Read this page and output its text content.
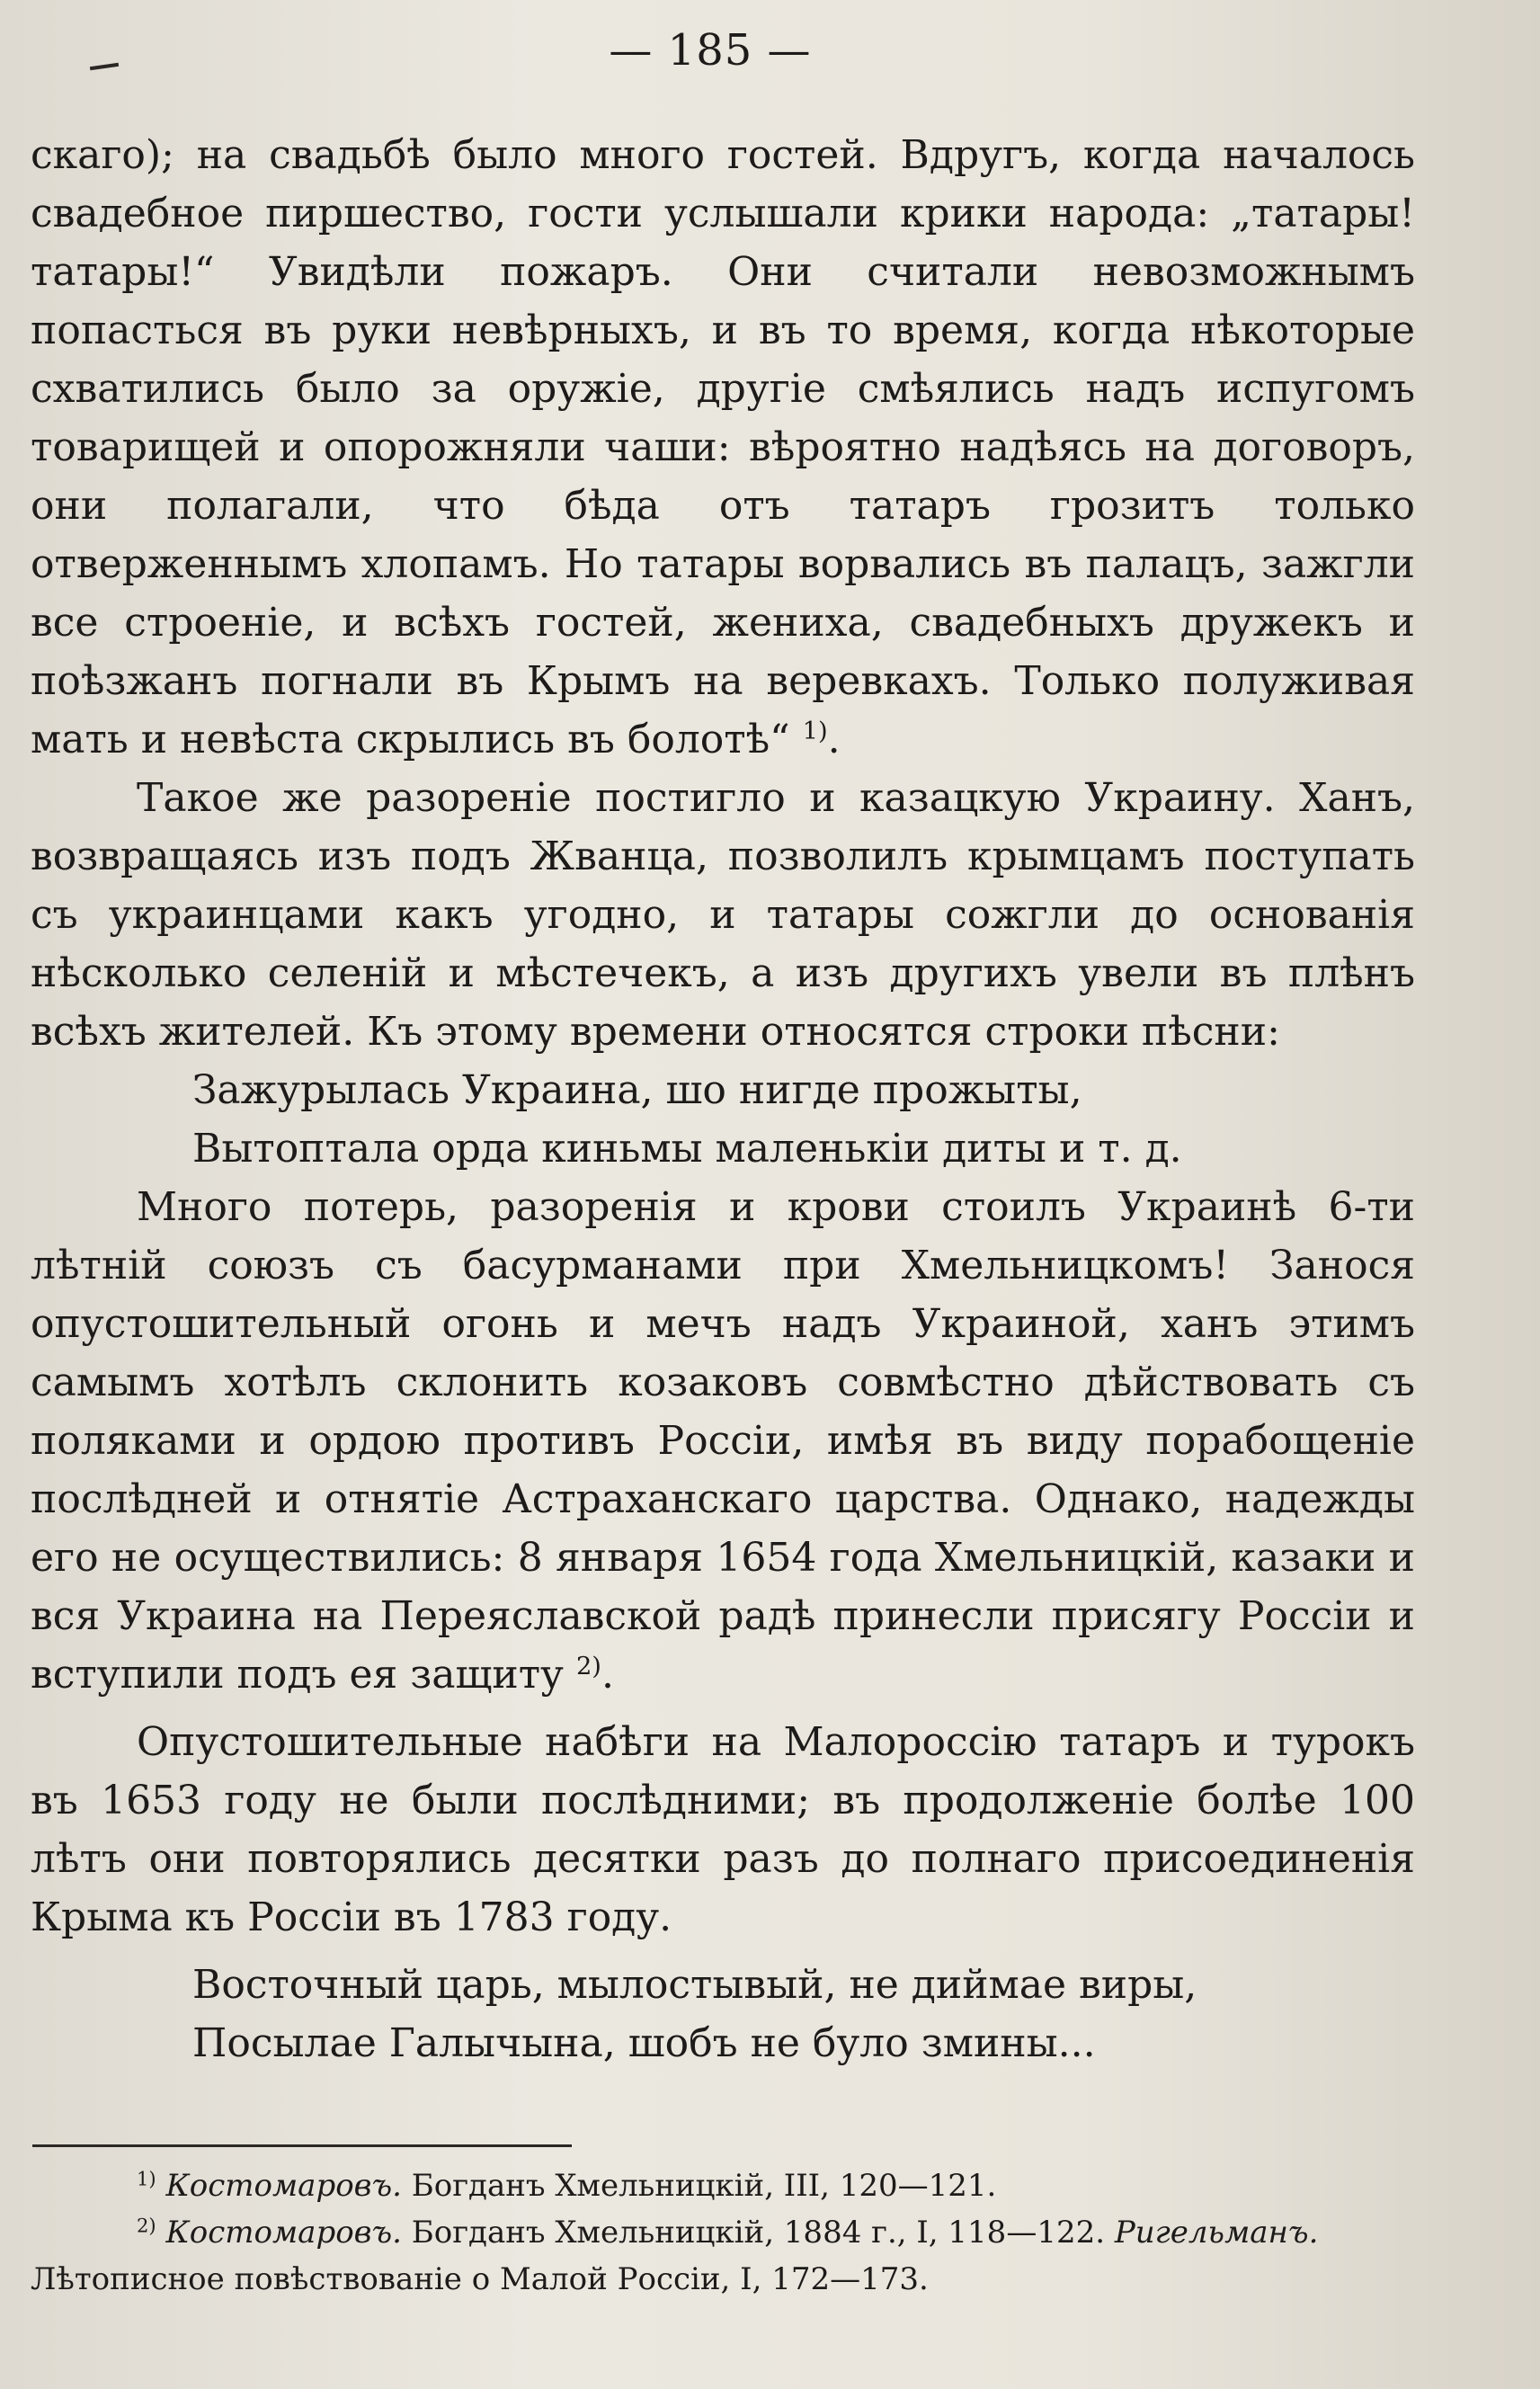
— 185 —

скаго); на свадьбѣ было много гостей. Вдругъ, когда началось свадебное пиршество, гости услышали крики народа: „татары! татары!“ Увидѣли пожаръ. Они считали невозможнымъ попасться въ руки невѣрныхъ, и въ то время, когда нѣкоторые схватились было за оружіе, другіе смѣялись надъ испугомъ товарищей и опорожняли чаши: вѣроятно надѣясь на договоръ, они полагали, что бѣда отъ татаръ грозитъ только отверженнымъ хлопамъ. Но татары ворвались въ палацъ, зажгли все строеніе, и всѣхъ гостей, жениха, свадебныхъ дружекъ и поѣзжанъ погнали въ Крымъ на веревкахъ. Только полуживая мать и невѣста скрылись въ болотѣ“ $^{1)}$.

Такое же разореніе постигло и казацкую Украину. Ханъ, возвращаясь изъ подъ Жванца, позволилъ крымцамъ поступать съ украинцами какъ угодно, и татары сожгли до основанія нѣсколько селеній и мѣстечекъ, а изъ другихъ увели въ плѣнъ всѣхъ жителей. Къ этому времени относятся строки пѣсни:

Зажурылась Украина, шо нигде прожыты,
Вытоптала орда киньмы маленькіи диты и т. д.

Много потерь, разоренія и крови стоилъ Украинѣ 6-ти лѣтній союзъ съ басурманами при Хмельницкомъ! Занося опустошительный огонь и мечъ надъ Украиной, ханъ этимъ самымъ хотѣлъ склонить козаковъ совмѣстно дѣйствовать съ поляками и ордою противъ Россіи, имѣя въ виду порабощеніе послѣдней и отнятіе Астраханскаго царства. Однако, надежды его не осуществились: 8 января 1654 года Хмельницкій, казаки и вся Украина на Переяславской радѣ принесли присягу Россіи и вступили подъ ея защиту $^{2)}$.

Опустошительные набѣги на Малороссію татаръ и турокъ въ 1653 году не были послѣдними; въ продолженіе болѣе 100 лѣтъ они повторялись десятки разъ до полнаго присоединенія Крыма къ Россіи въ 1783 году.

Восточный царь, мылостывый, не диймае виры,
Посылае Галычына, шобъ не було змины...

$^{1)}$ Костомаровъ. Богданъ Хмельницкій, III, 120—121.

$^{2)}$ Костомаровъ. Богданъ Хмельницкій, 1884 г., I, 118—122. Ригельманъ. Лѣтописное повѣствованіе о Малой Россіи, I, 172—173.
